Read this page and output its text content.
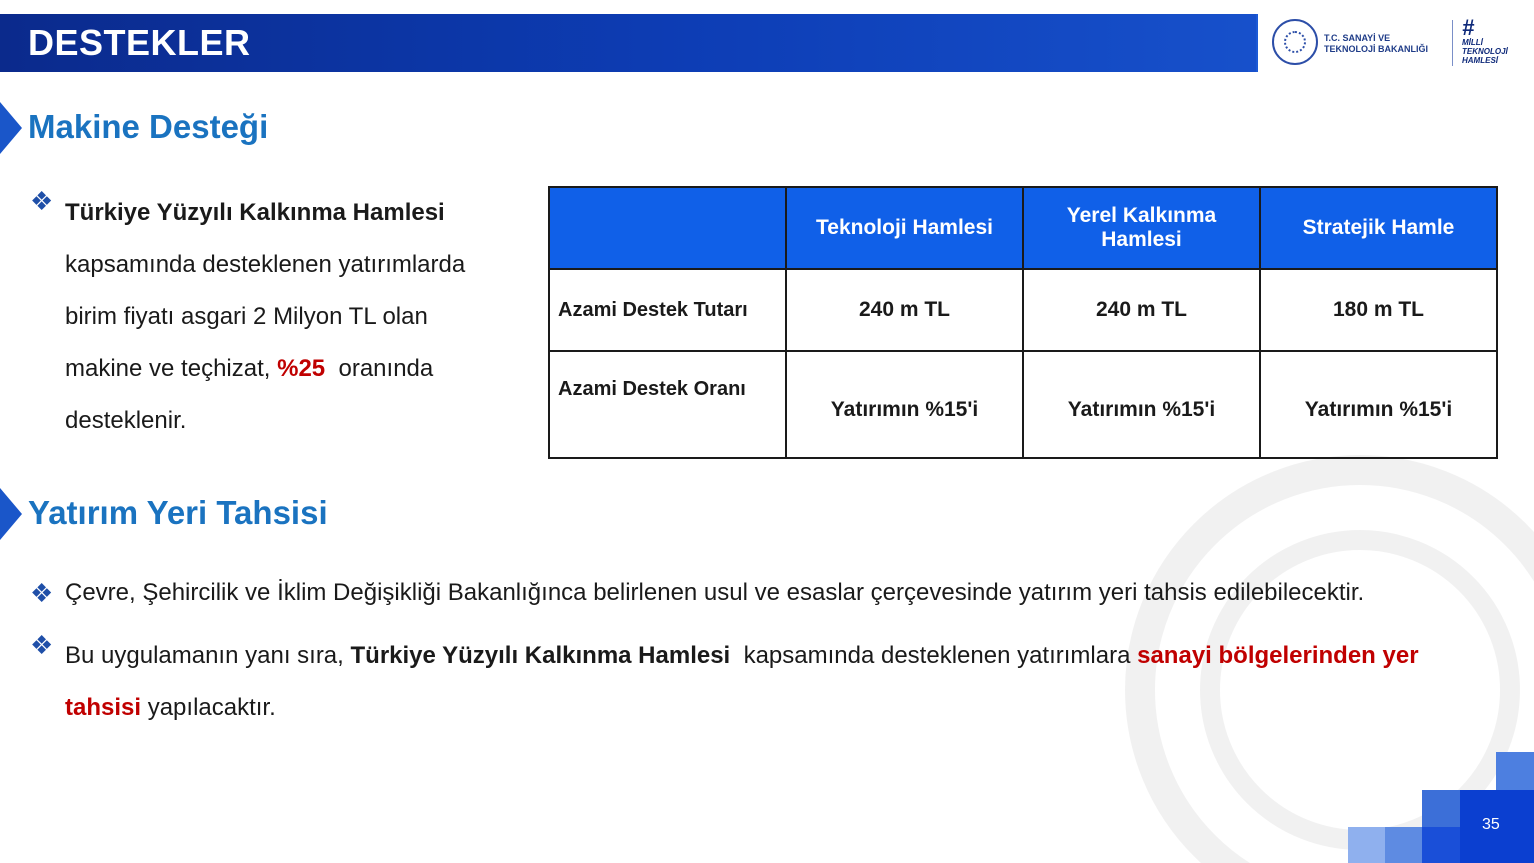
DESTEKLER	T.C. SANAYİ VE
TEKNOLOJİ BAKANLIĞI
#
MİLLİ
TEKNOLOJİ
HAMLESİ
Makine Desteği
❖ Türkiye Yüzyılı Kalkınma Hamlesi
kapsamında desteklenen yatırımlarda
birim fiyatı asgari 2 Milyon TL olan
makine ve teçhizat, %25  oranında
desteklenir.
	Teknoloji Hamlesi	Yerel Kalkınma Hamlesi	Stratejik Hamle
Azami Destek Tutarı	240 m TL	240 m TL	180 m TL
Azami Destek Oranı	Yatırımın %15'i	Yatırımın %15'i	Yatırımın %15'i
Yatırım Yeri Tahsisi
❖ Çevre, Şehircilik ve İklim Değişikliği Bakanlığınca belirlenen usul ve esaslar çerçevesinde yatırım yeri tahsis edilebilecektir.
❖ Bu uygulamanın yanı sıra, Türkiye Yüzyılı Kalkınma Hamlesi  kapsamında desteklenen yatırımlara sanayi bölgelerinden yer
tahsisi yapılacaktır.
35
